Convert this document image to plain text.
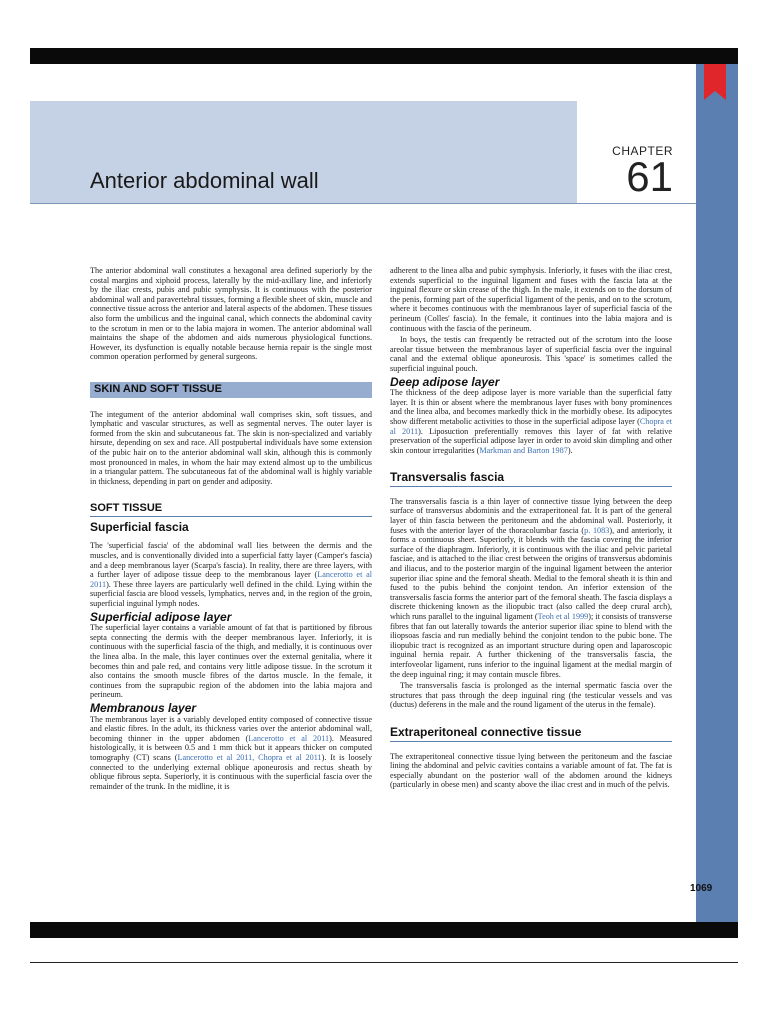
CHAPTER
61
Anterior abdominal wall

The anterior abdominal wall constitutes a hexagonal area defined superiorly by the costal margins and xiphoid process, laterally by the mid-axillary line, and inferiorly by the iliac crests, pubis and pubic symphysis. It is continuous with the posterior abdominal wall and paravertebral tissues, forming a flexible sheet of skin, muscle and connective tissue across the anterior and lateral aspects of the abdomen. These tissues also form the umbilicus and the inguinal canal, which connects the abdominal cavity to the scrotum in men or to the labia majora in women. The anterior abdominal wall maintains the shape of the abdomen and aids numerous physiological functions. However, its dysfunction is equally notable because hernia repair is the single most common operation performed by general surgeons.

SKIN AND SOFT TISSUE

The integument of the anterior abdominal wall comprises skin, soft tissues, and lymphatic and vascular structures, as well as segmental nerves. The outer layer is formed from the skin and subcutaneous fat. The skin is non-specialized and variably hirsute, depending on sex and race. All postpubertal individuals have some extension of the pubic hair on to the anterior abdominal wall skin, although this is commonly most pronounced in males, in whom the hair may extend almost up to the umbilicus in a triangular pattern. The subcutaneous fat of the abdominal wall is highly variable in thickness, depending in part on gender and adiposity.

SOFT TISSUE
Superficial fascia

The 'superficial fascia' of the abdominal wall lies between the dermis and the muscles, and is conventionally divided into a superficial fatty layer (Camper's fascia) and a deep membranous layer (Scarpa's fascia). In reality, there are three layers, with a further layer of adipose tissue deep to the membranous layer (Lancerotto et al 2011). These three layers are particularly well defined in the child. Lying within the superficial fascia are blood vessels, lymphatics, nerves and, in the region of the groin, superficial inguinal lymph nodes.

Superficial adipose layer

The superficial layer contains a variable amount of fat that is partitioned by fibrous septa connecting the dermis with the deeper membranous layer. Inferiorly, it is continuous with the superficial fascia of the thigh, and medially, it is continuous over the linea alba. In the male, this layer continues over the external genitalia, where it becomes thin and pale red, and contains very little adipose tissue. In the scrotum it also contains the smooth muscle fibres of the dartos muscle. In the female, it continues from the suprapubic region of the abdomen into the labia majora and perineum.

Membranous layer

The membranous layer is a variably developed entity composed of connective tissue and elastic fibres. In the adult, its thickness varies over the anterior abdominal wall, becoming thinner in the upper abdomen (Lancerotto et al 2011). Measured histologically, it is between 0.5 and 1 mm thick but it appears thicker on computed tomography (CT) scans (Lancerotto et al 2011, Chopra et al 2011). It is loosely connected to the underlying external oblique aponeurosis and rectus sheath by oblique fibrous septa. Superiorly, it is continuous with the superficial fascia over the remainder of the trunk. In the midline, it is

adherent to the linea alba and pubic symphysis. Inferiorly, it fuses with the iliac crest, extends superficial to the inguinal ligament and fuses with the fascia lata at the inguinal flexure or skin crease of the thigh. In the male, it extends on to the dorsum of the penis, forming part of the superficial ligament of the penis, and on to the scrotum, where it becomes continuous with the membranous layer of superficial fascia of the perineum (Colles' fascia). In the female, it continues into the labia majora and is continuous with the fascia of the perineum.

In boys, the testis can frequently be retracted out of the scrotum into the loose areolar tissue between the membranous layer of superficial fascia over the inguinal canal and the external oblique aponeurosis. This 'space' is sometimes called the superficial inguinal pouch.

Deep adipose layer

The thickness of the deep adipose layer is more variable than the superficial fatty layer. It is thin or absent where the membranous layer fuses with bony prominences and the linea alba, and becomes markedly thick in the morbidly obese. Its adipocytes show different metabolic activities to those in the superficial adipose layer (Chopra et al 2011). Liposuction preferentially removes this layer of fat with relative preservation of the superficial adipose layer in order to avoid skin dimpling and other skin contour irregularities (Markman and Barton 1987).

Transversalis fascia

The transversalis fascia is a thin layer of connective tissue lying between the deep surface of transversus abdominis and the extraperitoneal fat. It is part of the general layer of thin fascia between the peritoneum and the abdominal wall. Posteriorly, it fuses with the anterior layer of the thoracolumbar fascia (p. 1083), and anteriorly, it forms a continuous sheet. Superiorly, it blends with the fascia covering the inferior surface of the diaphragm. Inferiorly, it is continuous with the iliac and pelvic parietal fasciae, and is attached to the iliac crest between the origins of transversus abdominis and iliacus, and to the posterior margin of the inguinal ligament between the anterior superior iliac spine and the femoral sheath. Medial to the femoral sheath it is thin and fused to the pubis behind the conjoint tendon. An inferior extension of the transversalis fascia forms the anterior part of the femoral sheath. The fascia displays a discrete thickening known as the iliopubic tract (also called the deep crural arch), which runs parallel to the inguinal ligament (Teoh et al 1999); it consists of transverse fibres that fan out laterally towards the anterior superior iliac spine to blend with the iliopsoas fascia and run medially behind the conjoint tendon to the pubic bone. The iliopubic tract is recognized as an important structure during open and laparoscopic inguinal hernia repair. A further thickening of the transversalis fascia, the interfoveolar ligament, runs inferior to the inguinal ligament at the medial margin of the deep inguinal ring; it may contain muscle fibres.

The transversalis fascia is prolonged as the internal spermatic fascia over the structures that pass through the deep inguinal ring (the testicular vessels and vas (ductus) deferens in the male and the round ligament of the uterus in the female).

Extraperitoneal connective tissue

The extraperitoneal connective tissue lying between the peritoneum and the fasciae lining the abdominal and pelvic cavities contains a variable amount of fat. The fat is especially abundant on the posterior wall of the abdomen around the kidneys (particularly in obese men) and scanty above the iliac crest and in much of the pelvis.

1069
